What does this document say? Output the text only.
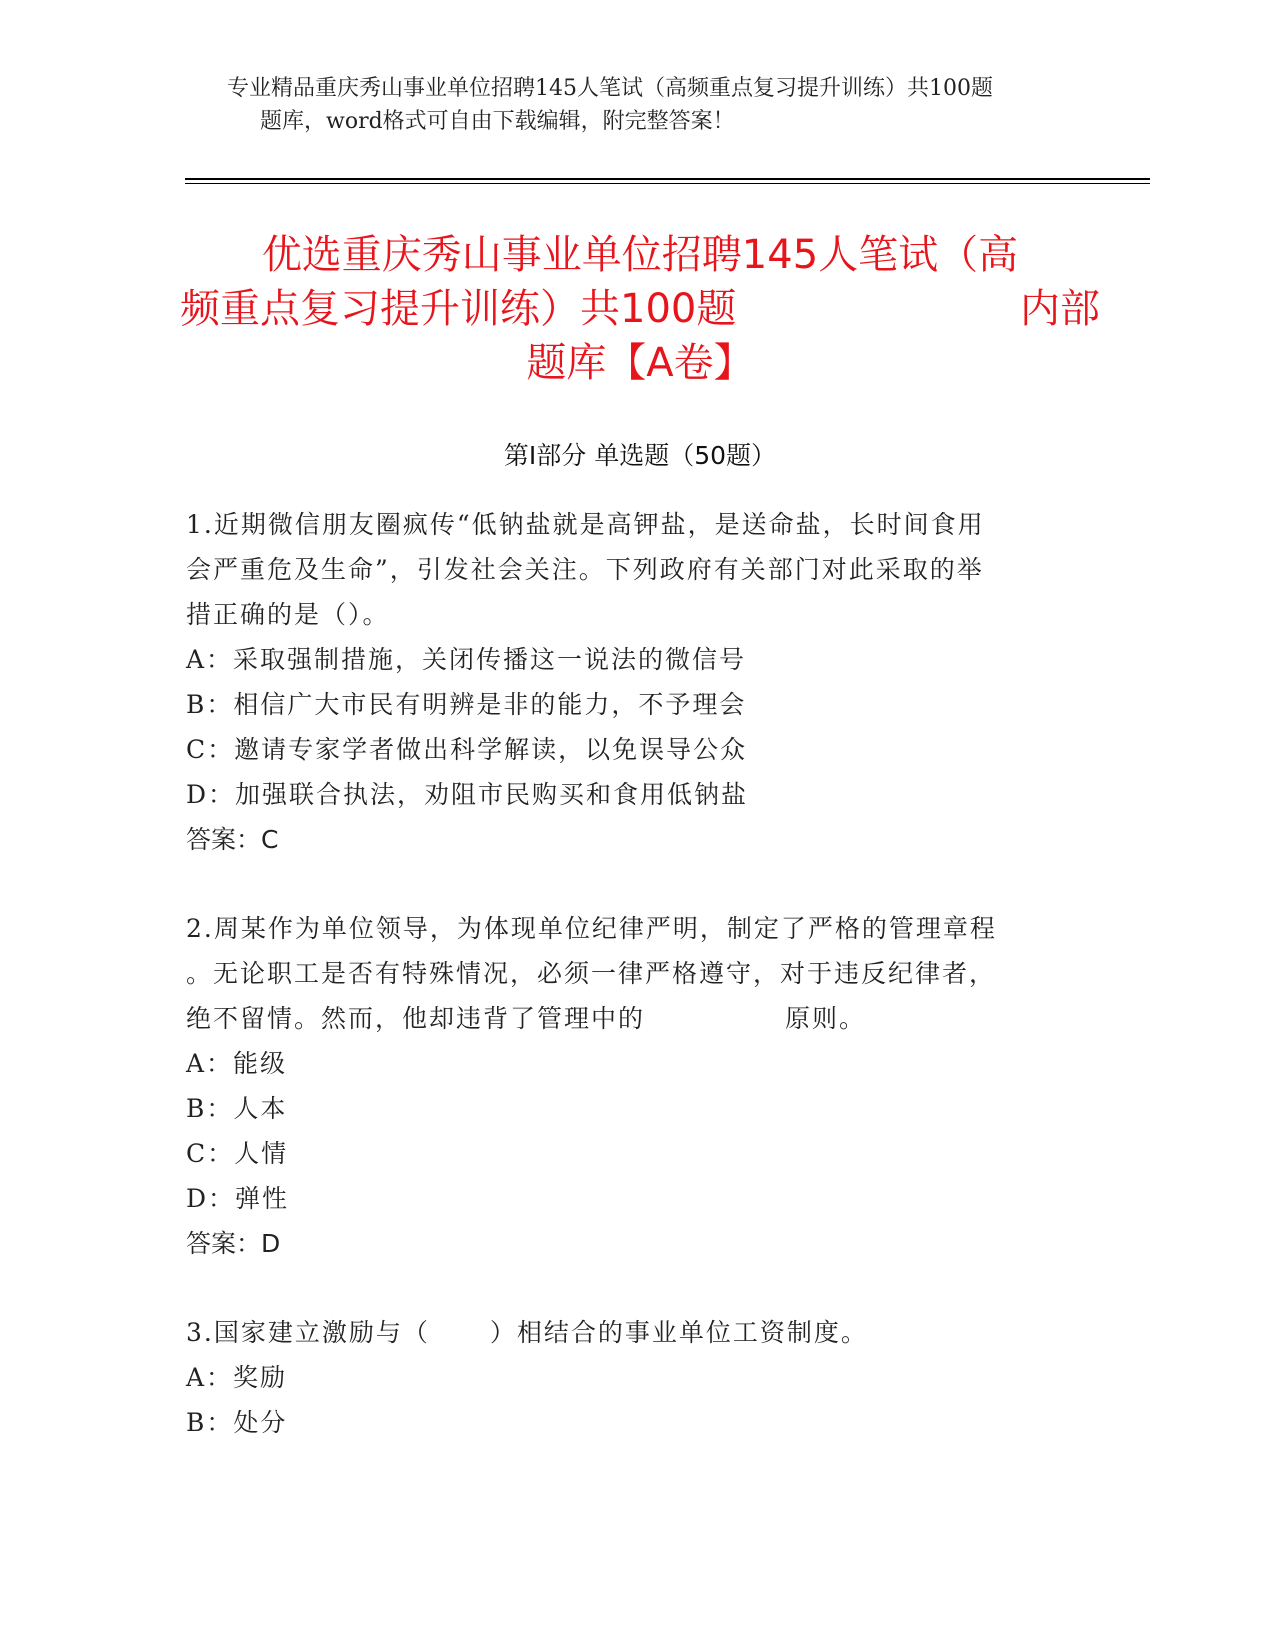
专业精品重庆秀山事业单位招聘145人笔试（高频重点复习提升训练）共100题
题库，word格式可自由下载编辑，附完整答案！
优选重庆秀山事业单位招聘145人笔试（高
频重点复习提升训练）共100题	内部
题库【A卷】
第Ⅰ部分 单选题（50题）
1.近期微信朋友圈疯传“低钠盐就是高钾盐，是送命盐，长时间食用
会严重危及生命”，引发社会关注。下列政府有关部门对此采取的举
措正确的是（）。
A：采取强制措施，关闭传播这一说法的微信号
B：相信广大市民有明辨是非的能力，不予理会
C：邀请专家学者做出科学解读，以免误导公众
D：加强联合执法，劝阻市民购买和食用低钠盐
答案：C
2.周某作为单位领导，为体现单位纪律严明，制定了严格的管理章程
。无论职工是否有特殊情况，必须一律严格遵守，对于违反纪律者，
绝不留情。然而，他却违背了管理中的	原则。
A：能级
B：人本
C：人情
D：弹性
答案：D
3.国家建立激励与（ ）相结合的事业单位工资制度。
A：奖励
B：处分
